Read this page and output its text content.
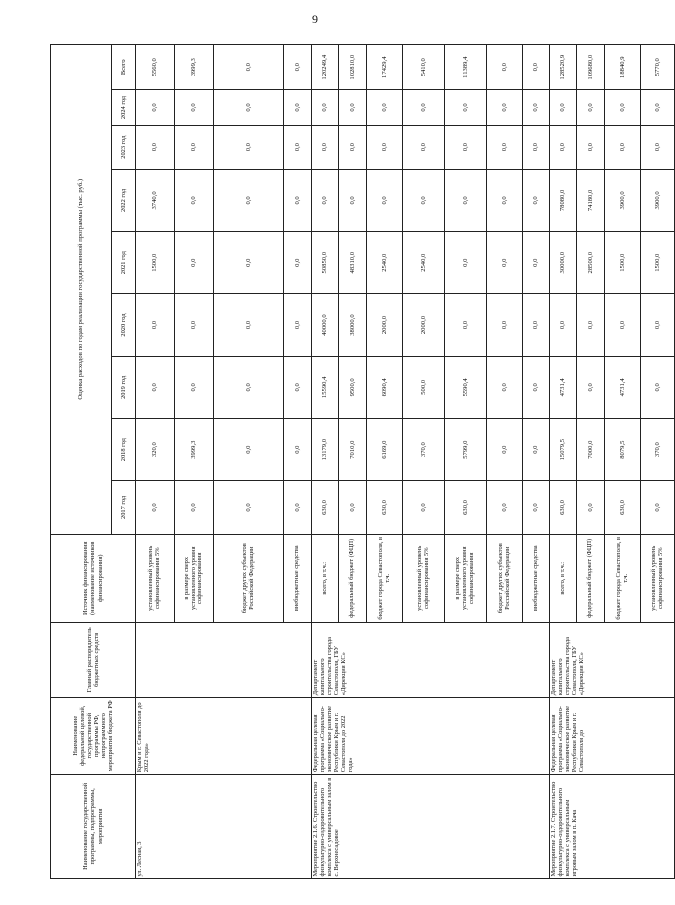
9
Наименование государственной программы, подпрограммы, мероприятия	Наименование федеральной целевой, государственной программы РФ, непрограммного мероприятия бюджета РФ	Главный распорядитель бюджетных средств	Источник финансирования (наименование источников финансирования)	Оценка расходов по годам реализации государственной программы (тыс. руб.)								
				2017 год	2018 год	2019 год	2020 год	2021 год	2022 год	2023 год	2024 год	Всего
ул. Лесная, 3	Крым и г. Севастополя до 2022 года»		установленный уровень софинансирования 5%	0,0	320,0	0,0	0,0	1500,0	3740,0	0,0	0,0	5560,0
			в размере сверх установленного уровня софинансирования	0,0	3999,3	0,0	0,0	0,0	0,0	0,0	0,0	3999,3
			бюджет других субъектов Российской Федерации	0,0	0,0	0,0	0,0	0,0	0,0	0,0	0,0	0,0
			внебюджетные средства	0,0	0,0	0,0	0,0	0,0	0,0	0,0	0,0	0,0
Мероприятие 2.1.6. Строительство физкультурно-оздоровительного комплекса с универсальным залом в с. Верхнесадовое	Федеральная целевая программа «Социально-экономическое развитие Республики Крым и г. Севастополя до 2022 года»	Департамент капитального строительства города Севастополя, ГБУ «Дирекция КС»	всего, в т.ч.:	630,0	13179,0	15590,4	40000,0	50850,0	0,0	0,0	0,0	120249,4
			федеральный бюджет (ФЦП)	0,0	7010,0	9500,0	38000,0	48310,0	0,0	0,0	0,0	102810,0
			бюджет города Севастополя, в т.ч.	630,0	6169,0	6090,4	2000,0	2540,0	0,0	0,0	0,0	17429,4
			установленный уровень софинансирования 5%	0,0	370,0	500,0	2000,0	2540,0	0,0	0,0	0,0	5410,0
			в размере сверх установленного уровня софинансирования	630,0	5799,0	5590,4	0,0	0,0	0,0	0,0	0,0	11389,4
			бюджет других субъектов Российской Федерации	0,0	0,0	0,0	0,0	0,0	0,0	0,0	0,0	0,0
			внебюджетные средства	0,0	0,0	0,0	0,0	0,0	0,0	0,0	0,0	0,0
Мероприятие 2.1.7. Строительство физкультурно-оздоровительного комплекса с универсальным игровым залом в п. Кача	Федеральная целевая программа «Социально-экономическое развитие Республики Крым и г. Севастополя до	Департамент капитального строительства города Севастополя, ГБУ «Дирекция КС»	всего, в т.ч.:	630,0	15079,5	4731,4	0,0	30000,0	78080,0	0,0	0,0	128520,9
			федеральный бюджет (ФЦП)	0,0	7000,0	0,0	0,0	28500,0	74180,0	0,0	0,0	109680,0
			бюджет города Севастополя, в т.ч.	630,0	8079,5	4731,4	0,0	1500,0	3900,0	0,0	0,0	18840,9
			установленный уровень софинансирования 5%	0,0	370,0	0,0	0,0	1500,0	3900,0	0,0	0,0	5770,0
